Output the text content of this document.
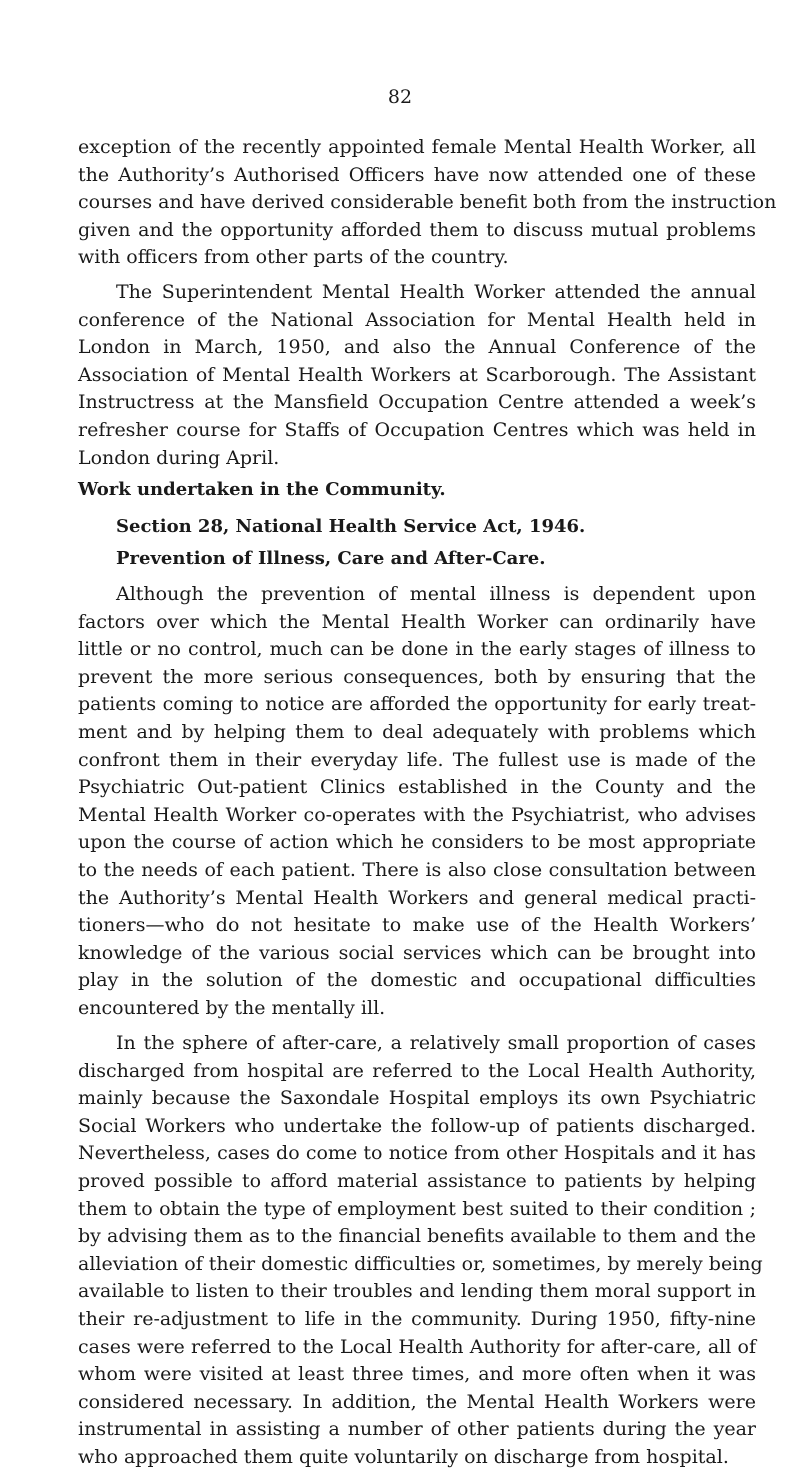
82
exception of the recently appointed female Mental Health Worker, all
the Authority’s Authorised Officers have now attended one of these
courses and have derived considerable benefit both from the instruction
given and the opportunity afforded them to discuss mutual problems
with officers from other parts of the country.
The Superintendent Mental Health Worker attended the annual
conference of the National Association for Mental Health held in
London in March, 1950, and also the Annual Conference of the
Association of Mental Health Workers at Scarborough. The Assistant
Instructress at the Mansfield Occupation Centre attended a week’s
refresher course for Staffs of Occupation Centres which was held in
London during April.
Work undertaken in the Community.
Section 28, National Health Service Act, 1946.
Prevention of Illness, Care and After-Care.
Although the prevention of mental illness is dependent upon
factors over which the Mental Health Worker can ordinarily have
little or no control, much can be done in the early stages of illness to
prevent the more serious consequences, both by ensuring that the
patients coming to notice are afforded the opportunity for early treat-
ment and by helping them to deal adequately with problems which
confront them in their everyday life. The fullest use is made of the
Psychiatric Out-patient Clinics established in the County and the
Mental Health Worker co-operates with the Psychiatrist, who advises
upon the course of action which he considers to be most appropriate
to the needs of each patient. There is also close consultation between
the Authority’s Mental Health Workers and general medical practi-
tioners—who do not hesitate to make use of the Health Workers’
knowledge of the various social services which can be brought into
play in the solution of the domestic and occupational difficulties
encountered by the mentally ill.
In the sphere of after-care, a relatively small proportion of cases
discharged from hospital are referred to the Local Health Authority,
mainly because the Saxondale Hospital employs its own Psychiatric
Social Workers who undertake the follow-up of patients discharged.
Nevertheless, cases do come to notice from other Hospitals and it has
proved possible to afford material assistance to patients by helping
them to obtain the type of employment best suited to their condition ;
by advising them as to the financial benefits available to them and the
alleviation of their domestic difficulties or, sometimes, by merely being
available to listen to their troubles and lending them moral support in
their re-adjustment to life in the community. During 1950, fifty-nine
cases were referred to the Local Health Authority for after-care, all of
whom were visited at least three times, and more often when it was
considered necessary. In addition, the Mental Health Workers were
instrumental in assisting a number of other patients during the year
who approached them quite voluntarily on discharge from hospital.
